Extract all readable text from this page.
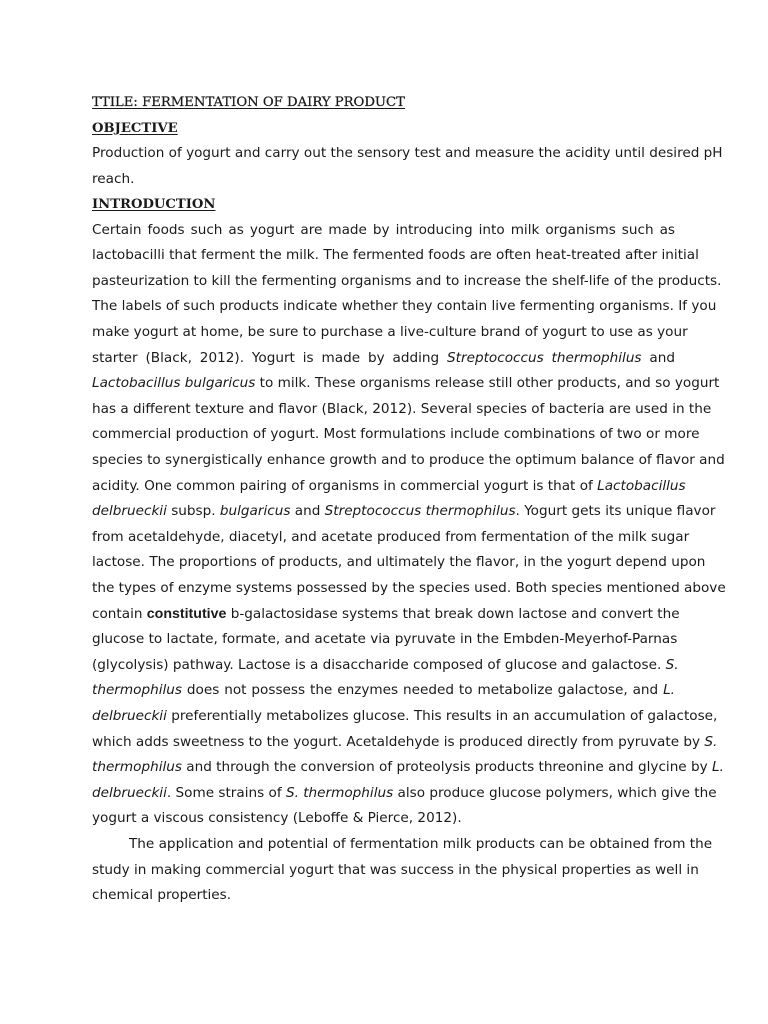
TTILE: FERMENTATION OF DAIRY PRODUCT
OBJECTIVE
Production of yogurt and carry out the sensory test and measure the acidity until desired pH
reach.
INTRODUCTION
Certain foods such as yogurt are made by introducing into milk organisms such as
lactobacilli that ferment the milk. The fermented foods are often heat-treated after initial
pasteurization to kill the fermenting organisms and to increase the shelf-life of the products.
The labels of such products indicate whether they contain live fermenting organisms. If you
make yogurt at home, be sure to purchase a live-culture brand of yogurt to use as your
starter (Black, 2012). Yogurt is made by adding Streptococcus thermophilus and
Lactobacillus bulgaricus to milk. These organisms release still other products, and so yogurt
has a different texture and flavor (Black, 2012). Several species of bacteria are used in the
commercial production of yogurt. Most formulations include combinations of two or more
species to synergistically enhance growth and to produce the optimum balance of flavor and
acidity. One common pairing of organisms in commercial yogurt is that of Lactobacillus
delbrueckii subsp. bulgaricus and Streptococcus thermophilus. Yogurt gets its unique flavor
from acetaldehyde, diacetyl, and acetate produced from fermentation of the milk sugar
lactose. The proportions of products, and ultimately the flavor, in the yogurt depend upon
the types of enzyme systems possessed by the species used. Both species mentioned above
contain constitutive b-galactosidase systems that break down lactose and convert the
glucose to lactate, formate, and acetate via pyruvate in the Embden-Meyerhof-Parnas
(glycolysis) pathway. Lactose is a disaccharide composed of glucose and galactose. S.
thermophilus does not possess the enzymes needed to metabolize galactose, and L.
delbrueckii preferentially metabolizes glucose. This results in an accumulation of galactose,
which adds sweetness to the yogurt. Acetaldehyde is produced directly from pyruvate by S.
thermophilus and through the conversion of proteolysis products threonine and glycine by L.
delbrueckii. Some strains of S. thermophilus also produce glucose polymers, which give the
yogurt a viscous consistency (Leboffe & Pierce, 2012).
The application and potential of fermentation milk products can be obtained from the
study in making commercial yogurt that was success in the physical properties as well in
chemical properties.
